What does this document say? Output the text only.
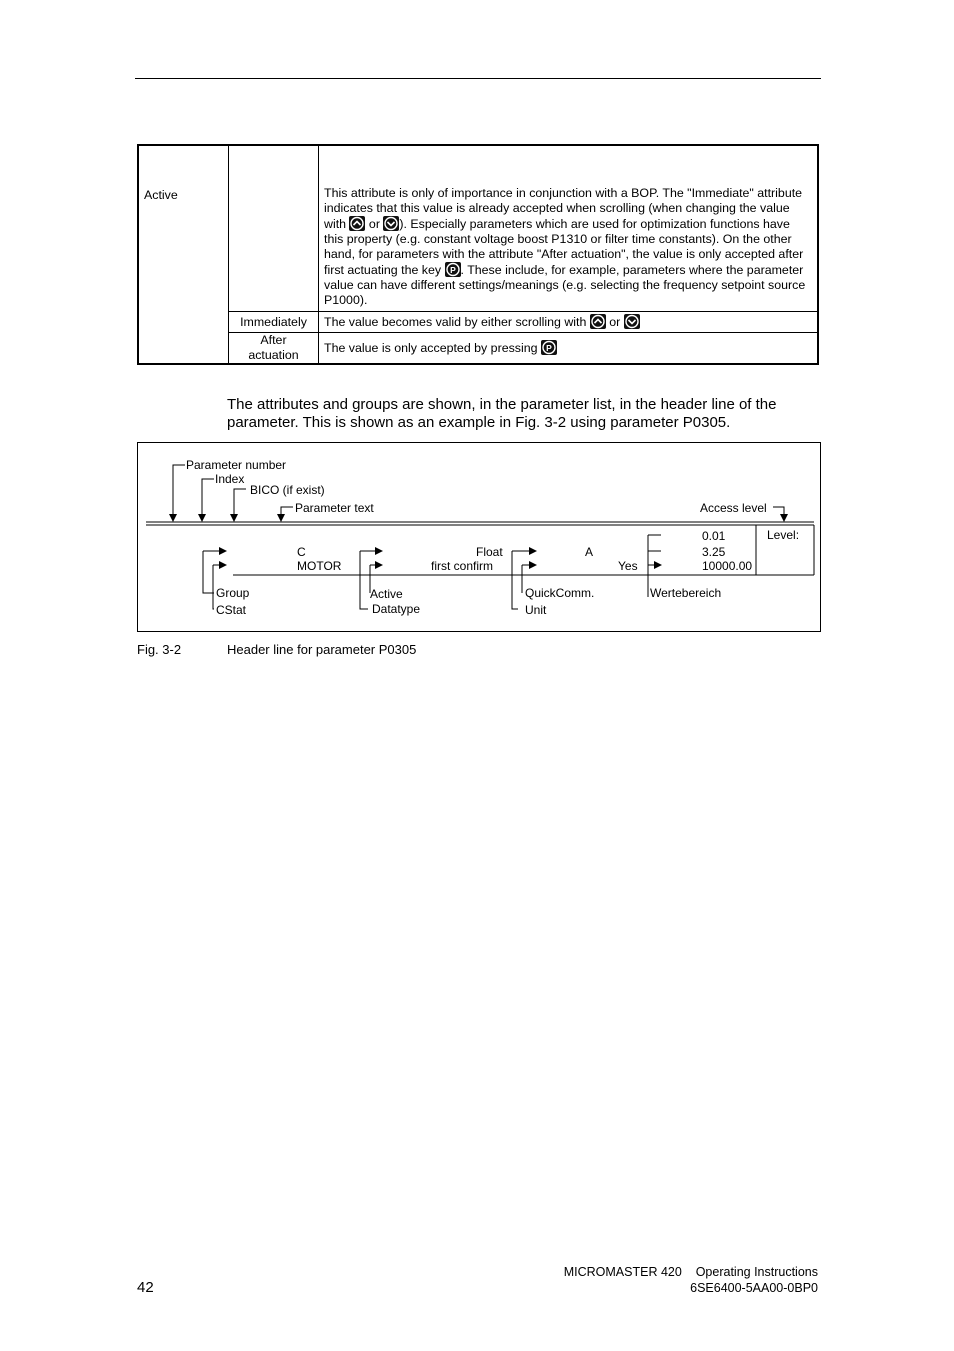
Active		This attribute is only of importance in conjunction with a BOP. The "Immediate" attribute indicates that this value is already accepted when scrolling (when changing the value with
or
). Especially parameters which are used for optimization functions have this property (e.g. constant voltage boost P1310 or filter time constants). On the other hand, for parameters with the attribute "After actuation", the value is only accepted after first actuating the key P . These include, for example, parameters where the parameter value can have different settings/meanings (e.g. selecting the frequency setpoint source P1000).
	Immediately	The value becomes valid by either scrolling with
or

	After actuation	The value is only accepted by pressing P
The attributes and groups are shown, in the parameter list, in the header line of the parameter. This is shown as an example in Fig. 3-2 using parameter P0305.
Parameter number
Index
BICO (if exist)
Parameter text	Access level
Level:
C
MOTOR
Float
first confirm
A
Yes
0.01
3.25
10000.00
Group
CStat
Active
Datatype
QuickComm.
Unit
Wertebereich
Fig. 3-2	Header line for parameter P0305
42
MICROMASTER 420    Operating Instructions
6SE6400-5AA00-0BP0
